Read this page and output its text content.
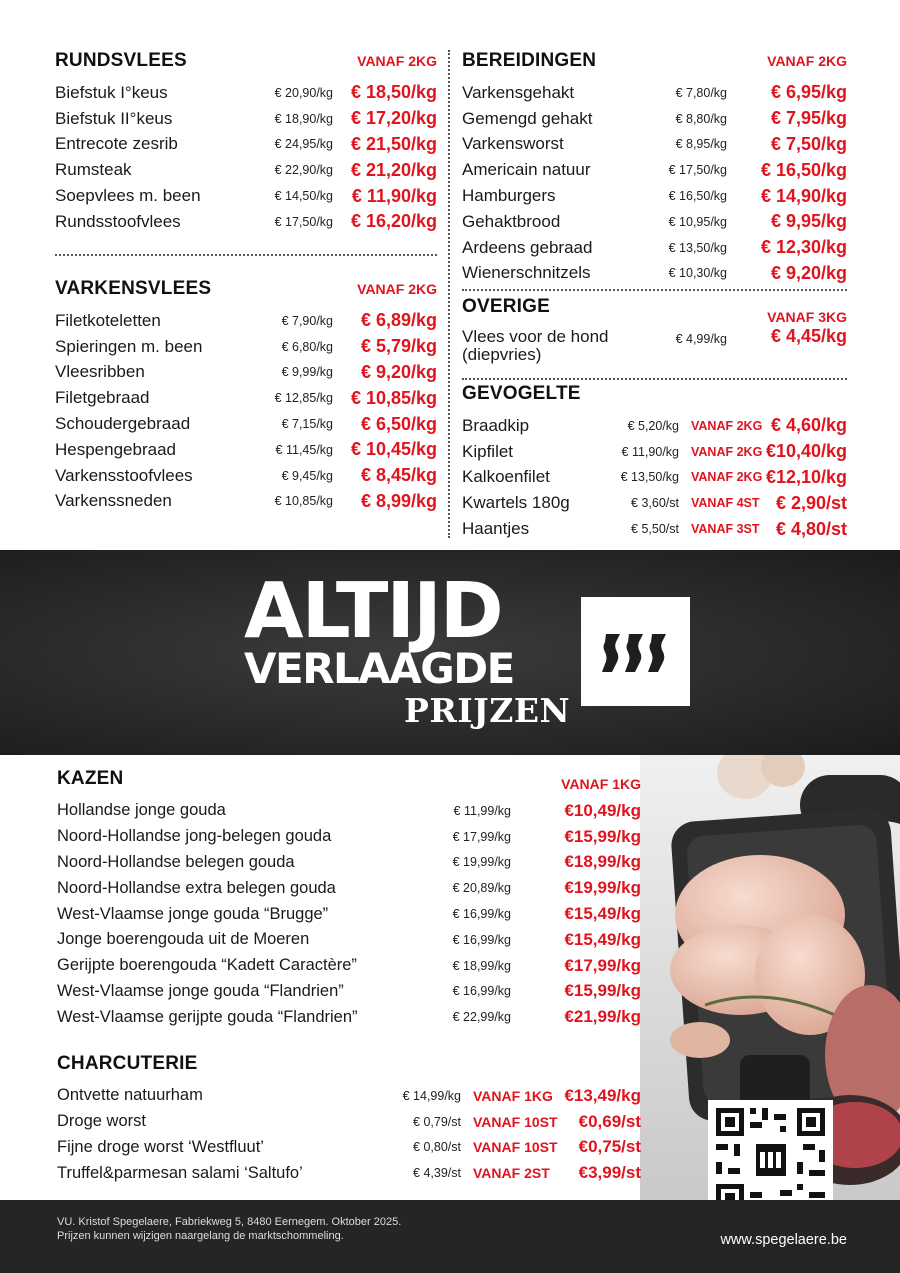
RUNDSVLEES	VANAF 2KG
Biefstuk I°keus	€ 20,90/kg € 18,50/kg
Biefstuk II°keus	€ 18,90/kg € 17,20/kg
Entrecote zesrib	€ 24,95/kg € 21,50/kg
Rumsteak	€ 22,90/kg € 21,20/kg
Soepvlees m. been	€ 14,50/kg	€ 11,90/kg
Rundsstoofvlees	€ 17,50/kg € 16,20/kg
VARKENSVLEES	VANAF 2KG
Filetkoteletten	€ 7,90/kg	€ 6,89/kg
Spieringen m. been	€ 6,80/kg	€ 5,79/kg
Vleesribben	€ 9,99/kg	€ 9,20/kg
Filetgebraad	€ 12,85/kg € 10,85/kg
Schoudergebraad	€ 7,15/kg	€ 6,50/kg
Hespengebraad	€ 11,45/kg € 10,45/kg
Varkensstoofvlees	€ 9,45/kg	€ 8,45/kg
Varkenssneden	€ 10,85/kg	€ 8,99/kg
BEREIDINGEN	VANAF 2KG
Varkensgehakt	€ 7,80/kg	€ 6,95/kg
Gemengd gehakt	€ 8,80/kg	€ 7,95/kg
Varkensworst	€ 8,95/kg	€ 7,50/kg
Americain natuur	€ 17,50/kg	€ 16,50/kg
Hamburgers	€ 16,50/kg	€ 14,90/kg
Gehaktbrood	€ 10,95/kg	€ 9,95/kg
Ardeens gebraad	€ 13,50/kg	€ 12,30/kg
Wienerschnitzels	€ 10,30/kg	€ 9,20/kg
OVERIGE	VANAF 3KG
Vlees voor de hond
(diepvries)
€ 4,99/kg	€ 4,45/kg
GEVOGELTE
Braadkip	€ 5,20/kg VANAF 2KG € 4,60/kg
Kipfilet	€ 11,90/kg VANAF 2KG €10,40/kg
Kalkoenfilet	€ 13,50/kg VANAF 2KG €12,10/kg
Kwartels 180g	€ 3,60/st VANAF 4ST € 2,90/st
Haantjes	€ 5,50/st VANAF 3ST € 4,80/st
ALTIJD
VERLAAGDE
PRIJZEN
KAZEN	VANAF 1KG
Hollandse jonge gouda	€ 11,99/kg	€10,49/kg
Noord-Hollandse jong-belegen gouda	€ 17,99/kg	€15,99/kg
Noord-Hollandse belegen gouda	€ 19,99/kg	€18,99/kg
Noord-Hollandse extra belegen gouda	€ 20,89/kg	€19,99/kg
West-Vlaamse jonge gouda “Brugge”	€ 16,99/kg	€15,49/kg
Jonge boerengouda uit de Moeren	€ 16,99/kg	€15,49/kg
Gerijpte boerengouda “Kadett Caractère”	€ 18,99/kg	€17,99/kg
West-Vlaamse jonge gouda “Flandrien”	€ 16,99/kg	€15,99/kg
West-Vlaamse gerijpte gouda “Flandrien”	€ 22,99/kg	€21,99/kg
CHARCUTERIE
Ontvette natuurham	€ 14,99/kg VANAF 1KG €13,49/kg
Droge worst	€ 0,79/st VANAF 10ST	€0,69/st
Fijne droge worst ‘Westfluut’	€ 0,80/st VANAF 10ST	€0,75/st
Truffel&parmesan salami ‘Saltufo’	€ 4,39/st VANAF 2ST	€3,99/st
VU. Kristof Spegelaere, Fabriekweg 5, 8480 Eernegem. Oktober 2025.
Prijzen kunnen wijzigen naargelang de marktschommeling.	www.spegelaere.be
